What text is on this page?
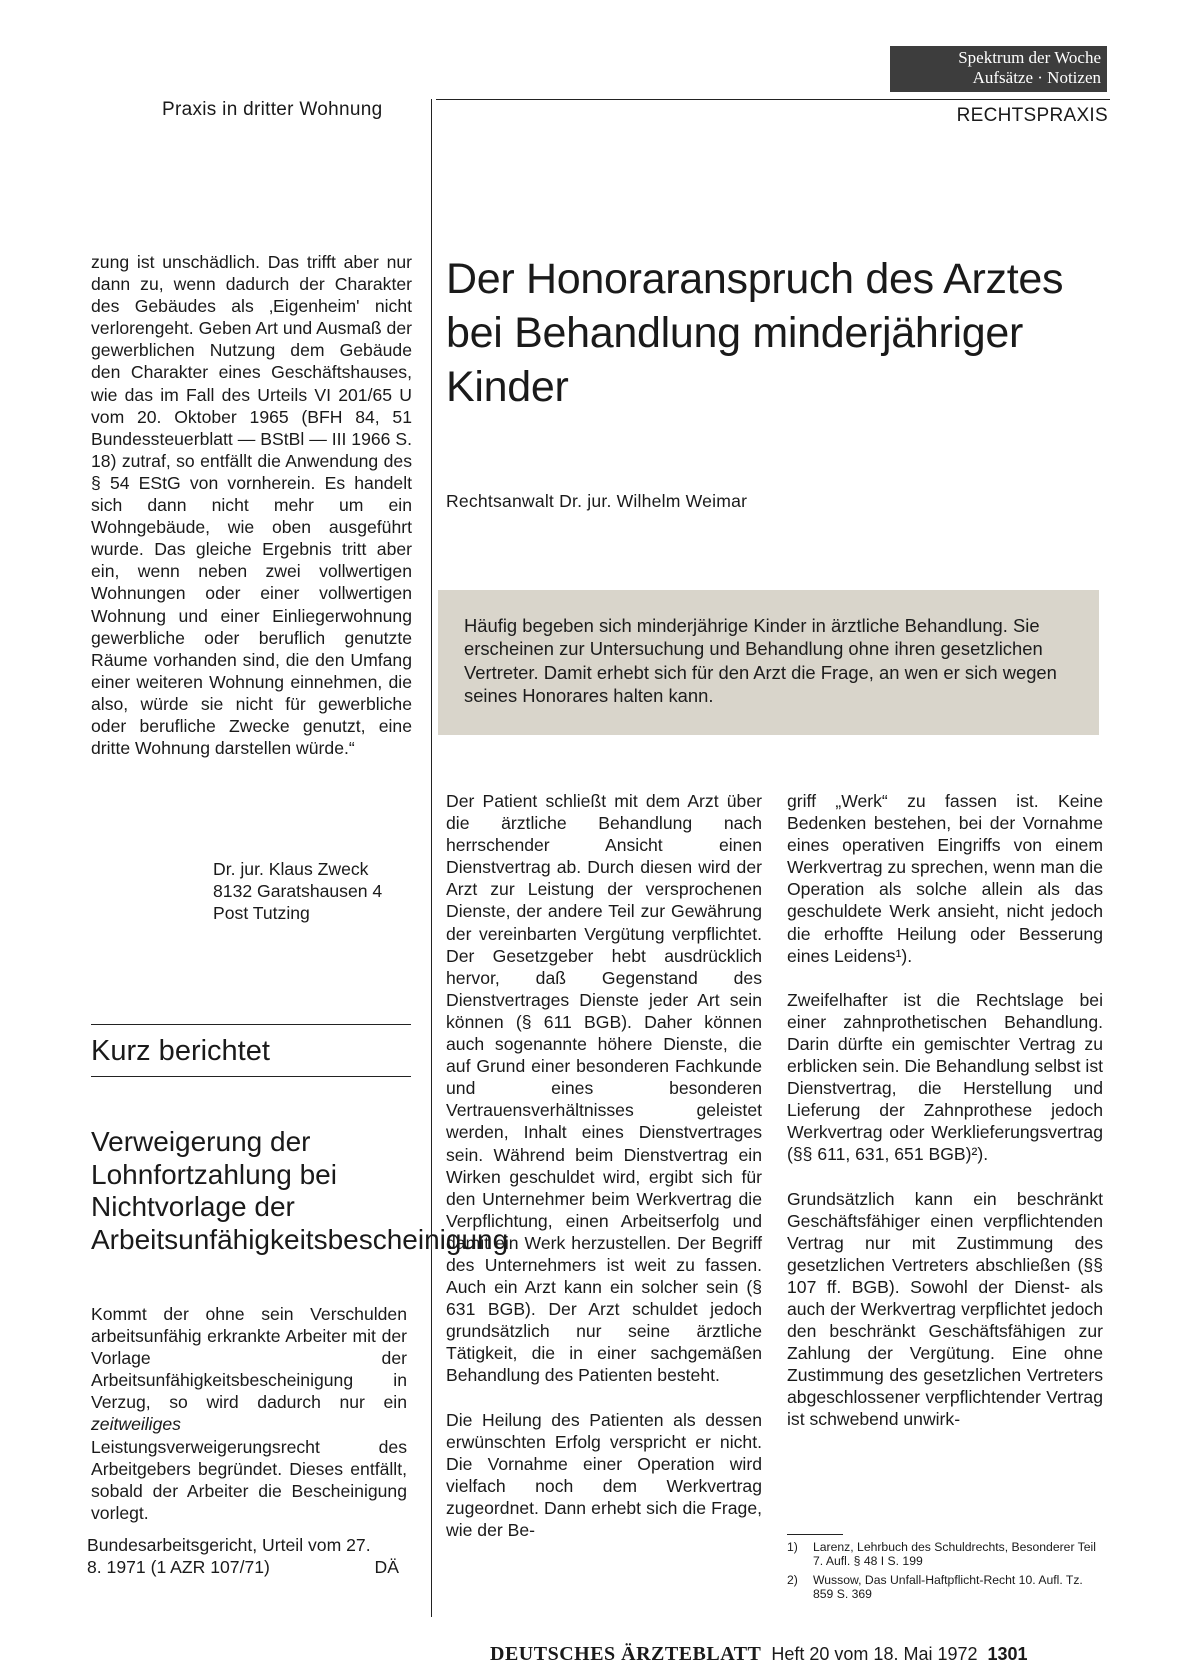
Spektrum der Woche
Aufsätze · Notizen
Praxis in dritter Wohnung	RECHTSPRAXIS

zung ist unschädlich. Das trifft aber nur dann zu, wenn dadurch der Charakter des Gebäudes als ‚Eigenheim' nicht verlorengeht. Geben Art und Ausmaß der gewerblichen Nutzung dem Gebäude den Charakter eines Geschäftshauses, wie das im Fall des Urteils VI 201/65 U vom 20. Oktober 1965 (BFH 84, 51 Bundessteuerblatt — BStBl — III 1966 S. 18) zutraf, so entfällt die Anwendung des § 54 EStG von vornherein. Es handelt sich dann nicht mehr um ein Wohngebäude, wie oben ausgeführt wurde. Das gleiche Ergebnis tritt aber ein, wenn neben zwei vollwertigen Wohnungen oder einer vollwertigen Wohnung und einer Einliegerwohnung gewerbliche oder beruflich genutzte Räume vorhanden sind, die den Umfang einer weiteren Wohnung einnehmen, die also, würde sie nicht für gewerbliche oder berufliche Zwecke genutzt, eine dritte Wohnung darstellen würde.“

Dr. jur. Klaus Zweck
8132 Garatshausen 4
Post Tutzing
Kurz berichtet
Verweigerung der Lohnfortzahlung bei Nichtvorlage der Arbeitsunfähigkeitsbescheinigung

Kommt der ohne sein Verschulden arbeitsunfähig erkrankte Arbeiter mit der Vorlage der Arbeitsunfähigkeitsbescheinigung in Verzug, so wird dadurch nur ein zeitweiliges Leistungsverweigerungsrecht des Arbeitgebers begründet. Dieses entfällt, sobald der Arbeiter die Bescheinigung vorlegt.

Bundesarbeitsgericht, Urteil vom 27.
8. 1971 (1 AZR 107/71)	DÄ
Der Honoraranspruch des Arztes bei Behandlung minderjähriger Kinder
Rechtsanwalt Dr. jur. Wilhelm Weimar
Häufig begeben sich minderjährige Kinder in ärztliche Behandlung. Sie erscheinen zur Untersuchung und Behandlung ohne ihren gesetzlichen Vertreter. Damit erhebt sich für den Arzt die Frage, an wen er sich wegen seines Honorares halten kann.

Der Patient schließt mit dem Arzt über die ärztliche Behandlung nach herrschender Ansicht einen Dienstvertrag ab. Durch diesen wird der Arzt zur Leistung der versprochenen Dienste, der andere Teil zur Gewährung der vereinbarten Vergütung verpflichtet. Der Gesetzgeber hebt ausdrücklich hervor, daß Gegenstand des Dienstvertrages Dienste jeder Art sein können (§ 611 BGB). Daher können auch sogenannte höhere Dienste, die auf Grund einer besonderen Fachkunde und eines besonderen Vertrauensverhältnisses geleistet werden, Inhalt eines Dienstvertrages sein. Während beim Dienstvertrag ein Wirken geschuldet wird, ergibt sich für den Unternehmer beim Werkvertrag die Verpflichtung, einen Arbeitserfolg und damit ein Werk herzustellen. Der Begriff des Unternehmers ist weit zu fassen. Auch ein Arzt kann ein solcher sein (§ 631 BGB). Der Arzt schuldet jedoch grundsätzlich nur seine ärztliche Tätigkeit, die in einer sachgemäßen Behandlung des Patienten besteht.

Die Heilung des Patienten als dessen erwünschten Erfolg verspricht er nicht. Die Vornahme einer Operation wird vielfach noch dem Werkvertrag zugeordnet. Dann erhebt sich die Frage, wie der Be-

griff „Werk“ zu fassen ist. Keine Bedenken bestehen, bei der Vornahme eines operativen Eingriffs von einem Werkvertrag zu sprechen, wenn man die Operation als solche allein als das geschuldete Werk ansieht, nicht jedoch die erhoffte Heilung oder Besserung eines Leidens¹).

Zweifelhafter ist die Rechtslage bei einer zahnprothetischen Behandlung. Darin dürfte ein gemischter Vertrag zu erblicken sein. Die Behandlung selbst ist Dienstvertrag, die Herstellung und Lieferung der Zahnprothese jedoch Werkvertrag oder Werklieferungsvertrag (§§ 611, 631, 651 BGB)²).

Grundsätzlich kann ein beschränkt Geschäftsfähiger einen verpflichtenden Vertrag nur mit Zustimmung des gesetzlichen Vertreters abschließen (§§ 107 ff. BGB). Sowohl der Dienst- als auch der Werkvertrag verpflichtet jedoch den beschränkt Geschäftsfähigen zur Zahlung der Vergütung. Eine ohne Zustimmung des gesetzlichen Vertreters abgeschlossener verpflichtender Vertrag ist schwebend unwirk-

1)	Larenz, Lehrbuch des Schuldrechts, Besonderer Teil 7. Aufl. § 48 I S. 199
2)	Wussow, Das Unfall-Haftpflicht-Recht 10. Aufl. Tz. 859 S. 369
DEUTSCHES ÄRZTEBLATT Heft 20 vom 18. Mai 1972 1301
